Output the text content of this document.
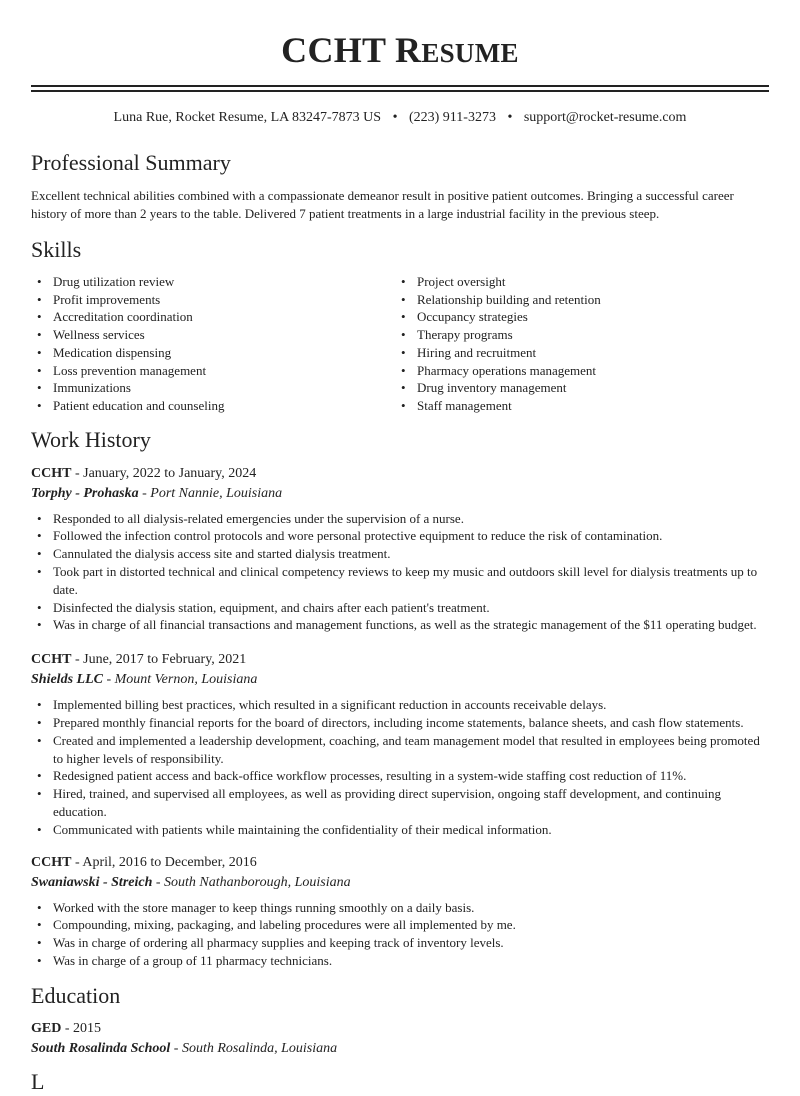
CCHT RESUME
Luna Rue, Rocket Resume, LA 83247-7873 US • (223) 911-3273 • support@rocket-resume.com
Professional Summary

Excellent technical abilities combined with a compassionate demeanor result in positive patient outcomes. Bringing a successful career history of more than 2 years to the table. Delivered 7 patient treatments in a large industrial facility in the previous steep.

Skills
• Drug utilization review
• Profit improvements
• Accreditation coordination
• Wellness services
• Medication dispensing
• Loss prevention management
• Immunizations
• Patient education and counseling
• Project oversight
• Relationship building and retention
• Occupancy strategies
• Therapy programs
• Hiring and recruitment
• Pharmacy operations management
• Drug inventory management
• Staff management
Work History
CCHT - January, 2022 to January, 2024
Torphy - Prohaska - Port Nannie, Louisiana
• Responded to all dialysis-related emergencies under the supervision of a nurse.
• Followed the infection control protocols and wore personal protective equipment to reduce the risk of contamination.
• Cannulated the dialysis access site and started dialysis treatment.
• Took part in distorted technical and clinical competency reviews to keep my music and outdoors skill level for dialysis treatments up to date.
• Disinfected the dialysis station, equipment, and chairs after each patient's treatment.
• Was in charge of all financial transactions and management functions, as well as the strategic management of the $11 operating budget.
CCHT - June, 2017 to February, 2021
Shields LLC - Mount Vernon, Louisiana
• Implemented billing best practices, which resulted in a significant reduction in accounts receivable delays.
• Prepared monthly financial reports for the board of directors, including income statements, balance sheets, and cash flow statements.
• Created and implemented a leadership development, coaching, and team management model that resulted in employees being promoted to higher levels of responsibility.
• Redesigned patient access and back-office workflow processes, resulting in a system-wide staffing cost reduction of 11%.
• Hired, trained, and supervised all employees, as well as providing direct supervision, ongoing staff development, and continuing education.
• Communicated with patients while maintaining the confidentiality of their medical information.
CCHT - April, 2016 to December, 2016
Swaniawski - Streich - South Nathanborough, Louisiana
• Worked with the store manager to keep things running smoothly on a daily basis.
• Compounding, mixing, packaging, and labeling procedures were all implemented by me.
• Was in charge of ordering all pharmacy supplies and keeping track of inventory levels.
• Was in charge of a group of 11 pharmacy technicians.
Education
GED - 2015
South Rosalinda School - South Rosalinda, Louisiana
L
